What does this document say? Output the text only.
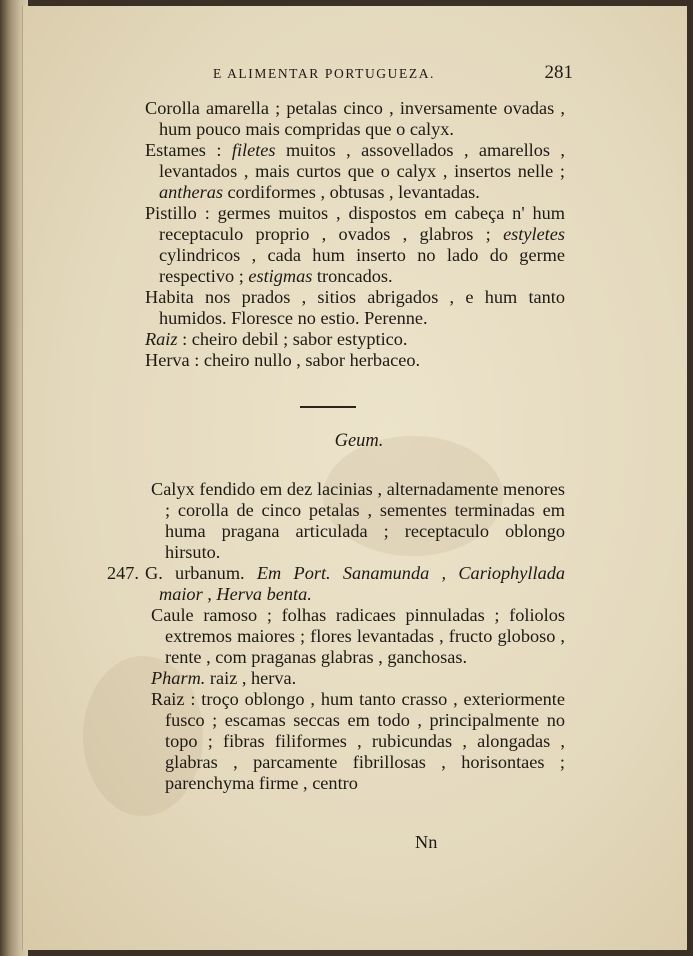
E ALIMENTAR PORTUGUEZA.	281

Corolla amarella ; petalas cinco , inversamente ovadas , hum pouco mais compridas que o calyx.

Estames : filetes muitos , assovellados , amarellos , levantados , mais curtos que o calyx , insertos nelle ; antheras cordiformes , obtusas , levantadas.

Pistillo : germes muitos , dispostos em cabeça n' hum receptaculo proprio , ovados , glabros ; estyletes cylindricos , cada hum inserto no lado do germe respectivo ; estigmas troncados.

Habita nos prados , sitios abrigados , e hum tanto humidos. Floresce no estio. Perenne.

Raiz : cheiro debil ; sabor estyptico.

Herva : cheiro nullo , sabor herbaceo.

Geum.

Calyx fendido em dez lacinias , alternadamente menores ; corolla de cinco petalas , sementes terminadas em huma pragana articulada ; receptaculo oblongo hirsuto.

247. G. urbanum. Em Port. Sanamunda , Cariophyllada maior , Herva benta.

Caule ramoso ; folhas radicaes pinnuladas ; foliolos extremos maiores ; flores levantadas , fructo globoso , rente , com praganas glabras , ganchosas.

Pharm. raiz , herva.

Raiz : troço oblongo , hum tanto crasso , exteriormente fusco ; escamas seccas em todo , principalmente no topo ; fibras filiformes , rubicundas , alongadas , glabras , parcamente fibrillosas , horisontaes ; parenchyma firme , centro

Nn
